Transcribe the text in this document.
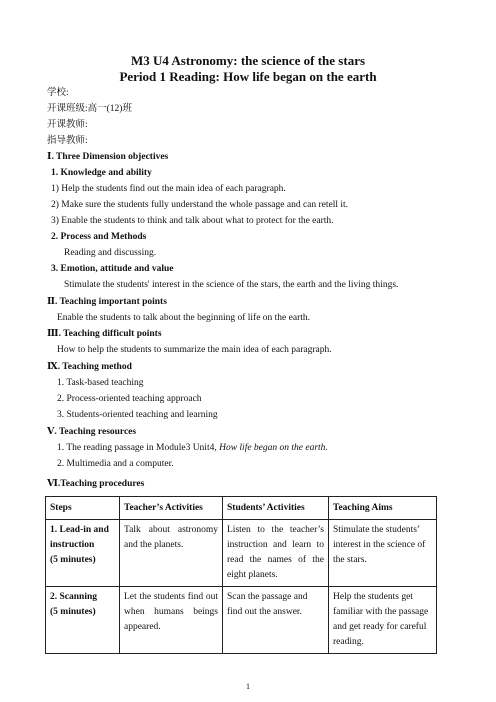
M3 U4 Astronomy: the science of the stars
Period 1 Reading: How life began on the earth
学校:
开课班级:高一(12)班
开课教师:
指导教师:
Ⅰ. Three Dimension objectives
1. Knowledge and ability
1) Help the students find out the main idea of each paragraph.
2) Make sure the students fully understand the whole passage and can retell it.
3) Enable the students to think and talk about what to protect for the earth.
2. Process and Methods
Reading and discussing.
3. Emotion, attitude and value
Stimulate the students' interest in the science of the stars, the earth and the living things.
Ⅱ. Teaching important points
Enable the students to talk about the beginning of life on the earth.
Ⅲ. Teaching difficult points
How to help the students to summarize the main idea of each paragraph.
Ⅸ. Teaching method
1. Task-based teaching
2. Process-oriented teaching approach
3. Students-oriented teaching and learning
Ⅴ. Teaching resources
1. The reading passage in Module3 Unit4, How life began on the earth.
2. Multimedia and a computer.
Ⅵ.Teaching procedures
Steps	Teacher’s Activities	Students’ Activities	Teaching Aims

1. Lead-in and
instruction
(5 minutes)	Talk about astronomy and the planets.	Listen to the teacher’s instruction and learn to read the names of the eight planets.	Stimulate the students’ interest in the science of the stars.

2. Scanning
(5 minutes)	Let the students find out when humans beings appeared.	Scan the passage and find out the answer.	Help the students get familiar with the passage and get ready for careful reading.
1
